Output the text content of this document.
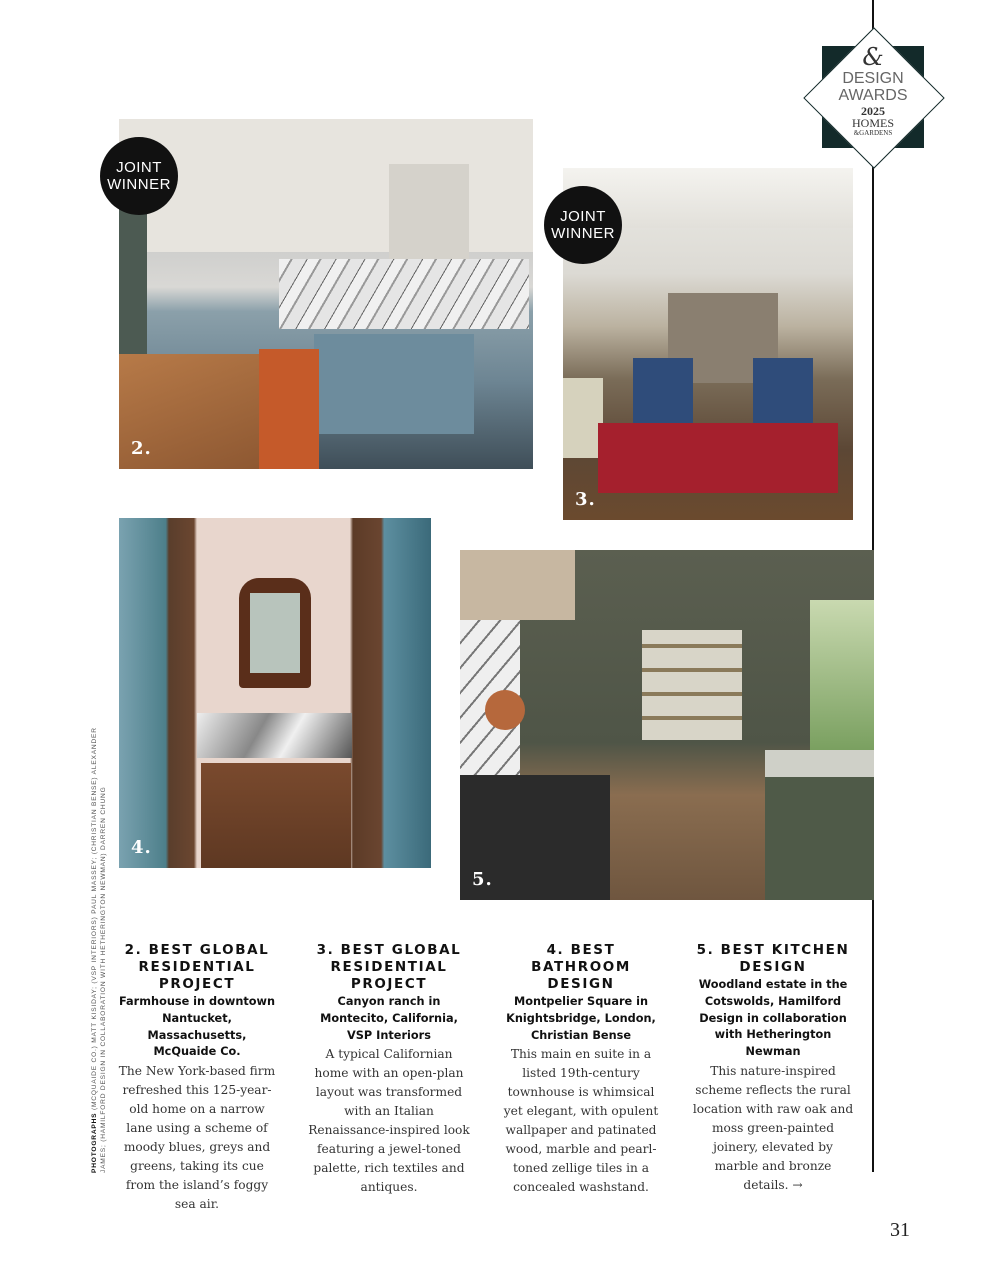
&
DESIGN
AWARDS
2025
HOMES
&GARDENS
2.
3.
4.
5.
JOINT
WINNER
JOINT
WINNER
2. BEST GLOBAL RESIDENTIAL PROJECT
Farmhouse in downtown Nantucket, Massachusetts, McQuaide Co.
The New York-based firm refreshed this 125-year-old home on a narrow lane using a scheme of moody blues, greys and greens, taking its cue from the island’s foggy sea air.
3. BEST GLOBAL RESIDENTIAL PROJECT
Canyon ranch in Montecito, California, VSP Interiors
A typical Californian home with an open-plan layout was transformed with an Italian Renaissance-inspired look featuring a jewel-toned palette, rich textiles and antiques.
4. BEST BATHROOM DESIGN
Montpelier Square in Knightsbridge, London, Christian Bense
This main en suite in a listed 19th-century townhouse is whimsical yet elegant, with opulent wallpaper and patinated wood, marble and pearl-toned zellige tiles in a concealed washstand.
5. BEST KITCHEN DESIGN
Woodland estate in the Cotswolds, Hamilford Design in collaboration with Hetherington Newman
This nature-inspired scheme reflects the rural location with raw oak and moss green-painted joinery, elevated by marble and bronze details. →
PHOTOGRAPHS (MCQUAIDE CO.) MATT KISIDAY; (VSP INTERIORS) PAUL MASSEY; (CHRISTIAN BENSE) ALEXANDER JAMES; (HAMILFORD DESIGN IN COLLABORATION WITH HETHERINGTON NEWMAN) DARREN CHUNG
31
